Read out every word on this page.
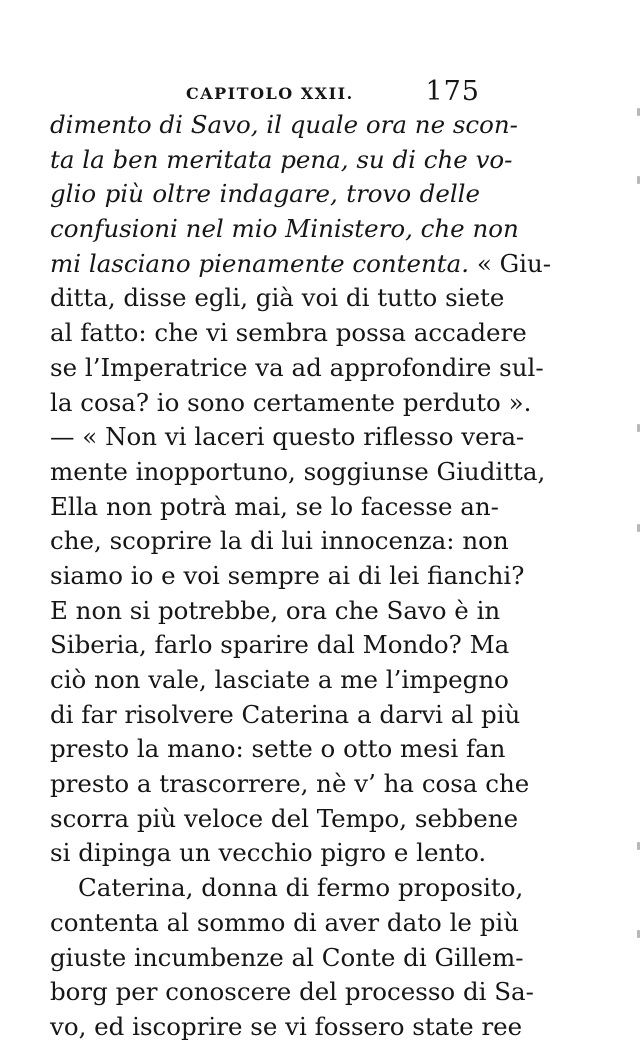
CAPITOLO XXII.	175
dimento di Savo, il quale ora ne scon-
ta la ben meritata pena, su di che vo-
glio più oltre indagare, trovo delle
confusioni nel mio Ministero, che non
mi lasciano pienamente contenta. « Giu-
ditta, disse egli, già voi di tutto siete
al fatto: che vi sembra possa accadere
se l’Imperatrice va ad approfondire sul-
la cosa? io sono certamente perduto ».
— « Non vi laceri questo riflesso vera-
mente inopportuno, soggiunse Giuditta,
Ella non potrà mai, se lo facesse an-
che, scoprire la di lui innocenza: non
siamo io e voi sempre ai di lei fianchi?
E non si potrebbe, ora che Savo è in
Siberia, farlo sparire dal Mondo? Ma
ciò non vale, lasciate a me l’impegno
di far risolvere Caterina a darvi al più
presto la mano: sette o otto mesi fan
presto a trascorrere, nè v’ ha cosa che
scorra più veloce del Tempo, sebbene
si dipinga un vecchio pigro e lento.
Caterina, donna di fermo proposito,
contenta al sommo di aver dato le più
giuste incumbenze al Conte di Gillem-
borg per conoscere del processo di Sa-
vo, ed iscoprire se vi fossero state ree
